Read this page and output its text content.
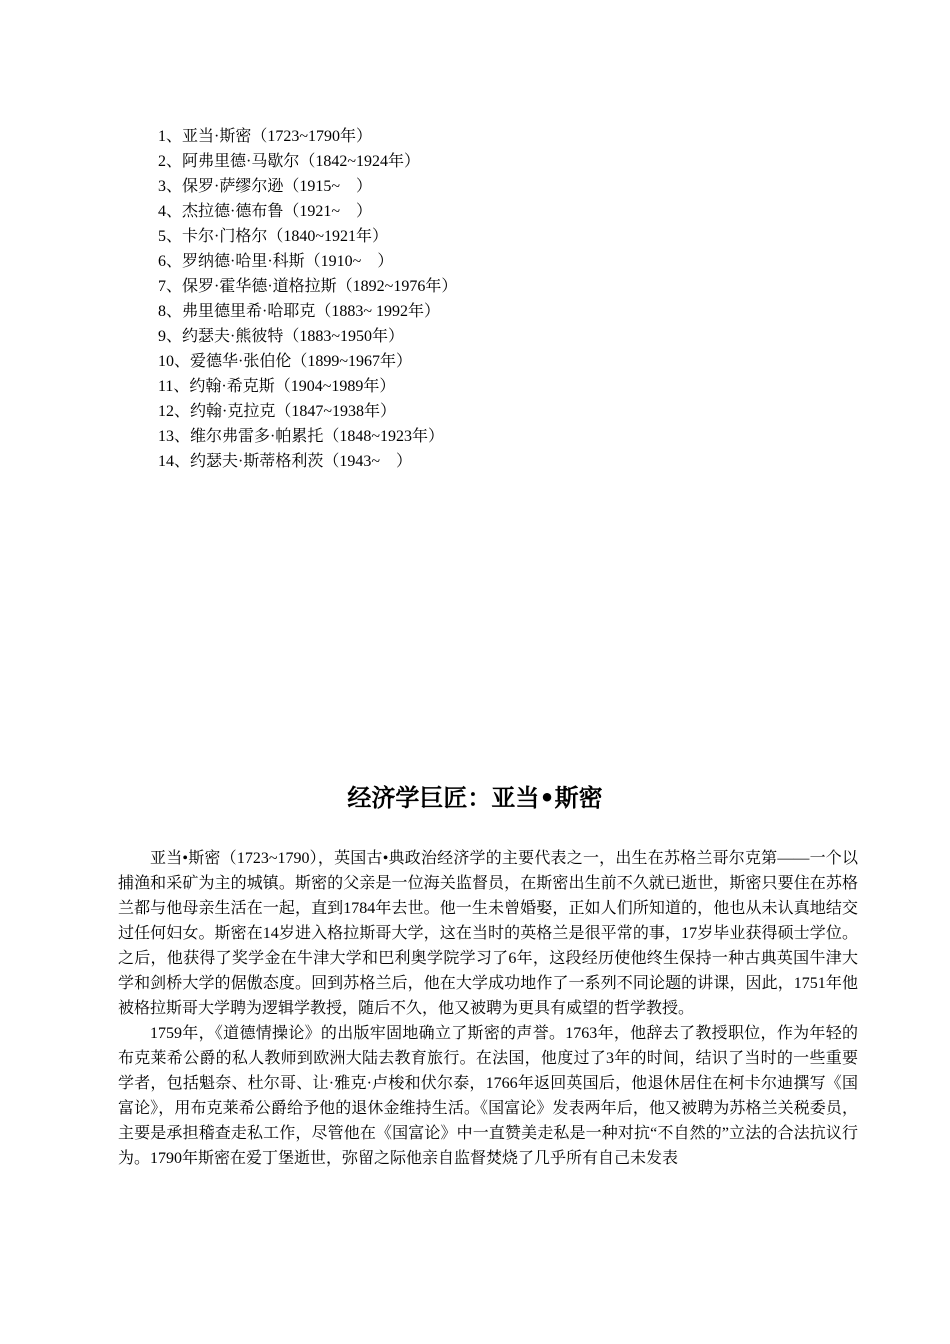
1、亚当·斯密（1723~1790年）
2、阿弗里德·马歇尔（1842~1924年）
3、保罗·萨缪尔逊（1915~　）
4、杰拉德·德布鲁（1921~　）
5、卡尔·门格尔（1840~1921年）
6、罗纳德·哈里·科斯（1910~　）
7、保罗·霍华德·道格拉斯（1892~1976年）
8、弗里德里希·哈耶克（1883~ 1992年）
9、约瑟夫·熊彼特（1883~1950年）
10、爱德华·张伯伦（1899~1967年）
11、约翰·希克斯（1904~1989年）
12、约翰·克拉克（1847~1938年）
13、维尔弗雷多·帕累托（1848~1923年）
14、约瑟夫·斯蒂格利茨（1943~　）
经济学巨匠：亚当•斯密

亚当•斯密（1723~1790），英国古•典政治经济学的主要代表之一，出生在苏格兰哥尔克第——一个以捕渔和采矿为主的城镇。斯密的父亲是一位海关监督员，在斯密出生前不久就已逝世，斯密只要住在苏格兰都与他母亲生活在一起，直到1784年去世。他一生未曾婚娶，正如人们所知道的，他也从未认真地结交过任何妇女。斯密在14岁进入格拉斯哥大学，这在当时的英格兰是很平常的事，17岁毕业获得硕士学位。之后，他获得了奖学金在牛津大学和巴利奥学院学习了6年，这段经历使他终生保持一种古典英国牛津大学和剑桥大学的倨傲态度。回到苏格兰后，他在大学成功地作了一系列不同论题的讲课，因此，1751年他被格拉斯哥大学聘为逻辑学教授，随后不久，他又被聘为更具有威望的哲学教授。

1759年，《道德情操论》的出版牢固地确立了斯密的声誉。1763年，他辞去了教授职位，作为年轻的布克莱希公爵的私人教师到欧洲大陆去教育旅行。在法国，他度过了3年的时间，结识了当时的一些重要学者，包括魁奈、杜尔哥、让·雅克·卢梭和伏尔泰，1766年返回英国后，他退休居住在柯卡尔迪撰写《国富论》，用布克莱希公爵给予他的退休金维持生活。《国富论》发表两年后，他又被聘为苏格兰关税委员，主要是承担稽查走私工作，尽管他在《国富论》中一直赞美走私是一种对抗“不自然的”立法的合法抗议行为。1790年斯密在爱丁堡逝世，弥留之际他亲自监督焚烧了几乎所有自己未发表
